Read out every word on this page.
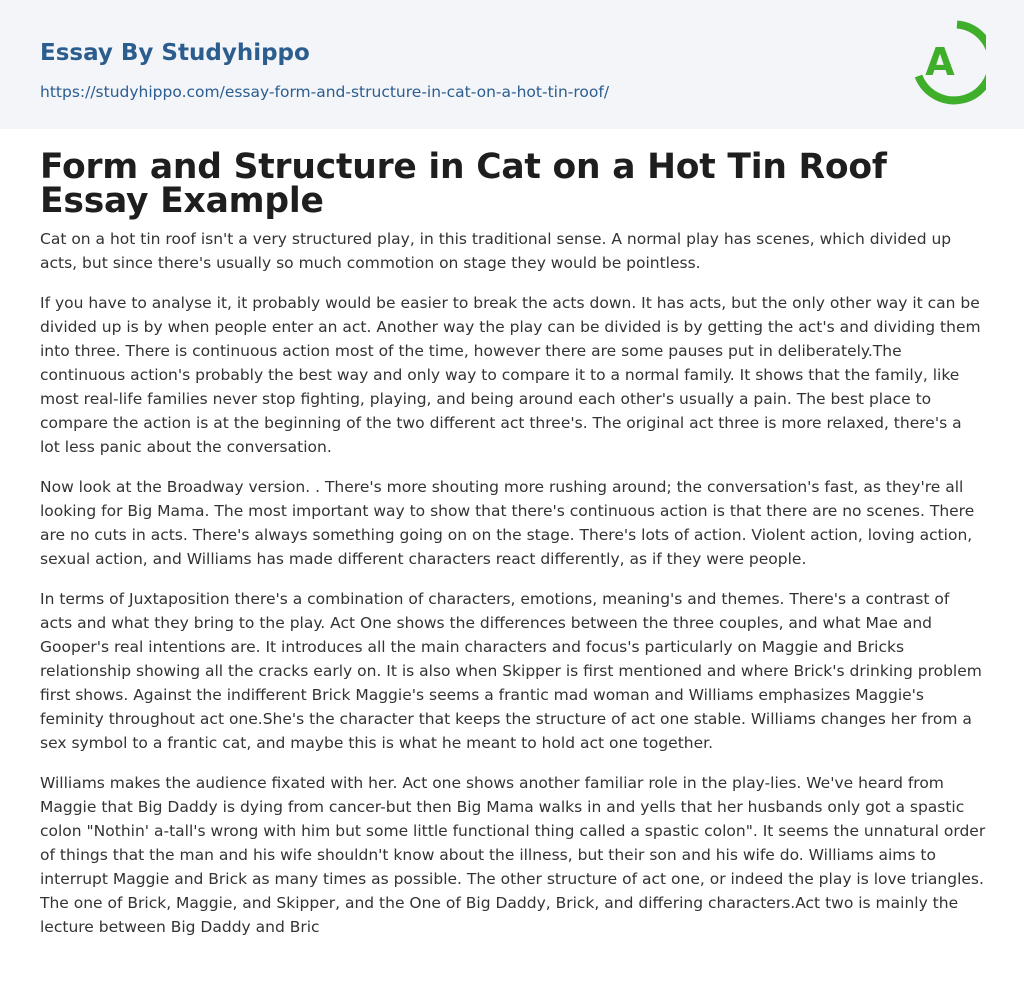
Essay By Studyhippo
https://studyhippo.com/essay-form-and-structure-in-cat-on-a-hot-tin-roof/
A
Form and Structure in Cat on a Hot Tin Roof Essay Example

Cat on a hot tin roof isn't a very structured play, in this traditional sense. A normal play has scenes, which divided up acts, but since there's usually so much commotion on stage they would be pointless.

If you have to analyse it, it probably would be easier to break the acts down. It has acts, but the only other way it can be divided up is by when people enter an act. Another way the play can be divided is by getting the act's and dividing them into three. There is continuous action most of the time, however there are some pauses put in deliberately.The continuous action's probably the best way and only way to compare it to a normal family. It shows that the family, like most real-life families never stop fighting, playing, and being around each other's usually a pain. The best place to compare the action is at the beginning of the two different act three's. The original act three is more relaxed, there's a lot less panic about the conversation.

Now look at the Broadway version. . There's more shouting more rushing around; the conversation's fast, as they're all looking for Big Mama. The most important way to show that there's continuous action is that there are no scenes. There are no cuts in acts. There's always something going on on the stage. There's lots of action. Violent action, loving action, sexual action, and Williams has made different characters react differently, as if they were people.

In terms of Juxtaposition there's a combination of characters, emotions, meaning's and themes. There's a contrast of acts and what they bring to the play. Act One shows the differences between the three couples, and what Mae and Gooper's real intentions are. It introduces all the main characters and focus's particularly on Maggie and Bricks relationship showing all the cracks early on. It is also when Skipper is first mentioned and where Brick's drinking problem first shows. Against the indifferent Brick Maggie's seems a frantic mad woman and Williams emphasizes Maggie's feminity throughout act one.She's the character that keeps the structure of act one stable. Williams changes her from a sex symbol to a frantic cat, and maybe this is what he meant to hold act one together.

Williams makes the audience fixated with her. Act one shows another familiar role in the play-lies. We've heard from Maggie that Big Daddy is dying from cancer-but then Big Mama walks in and yells that her husbands only got a spastic colon "Nothin' a-tall's wrong with him but some little functional thing called a spastic colon". It seems the unnatural order of things that the man and his wife shouldn't know about the illness, but their son and his wife do. Williams aims to interrupt Maggie and Brick as many times as possible. The other structure of act one, or indeed the play is love triangles. The one of Brick, Maggie, and Skipper, and the One of Big Daddy, Brick, and differing characters.Act two is mainly the lecture between Big Daddy and Bric
